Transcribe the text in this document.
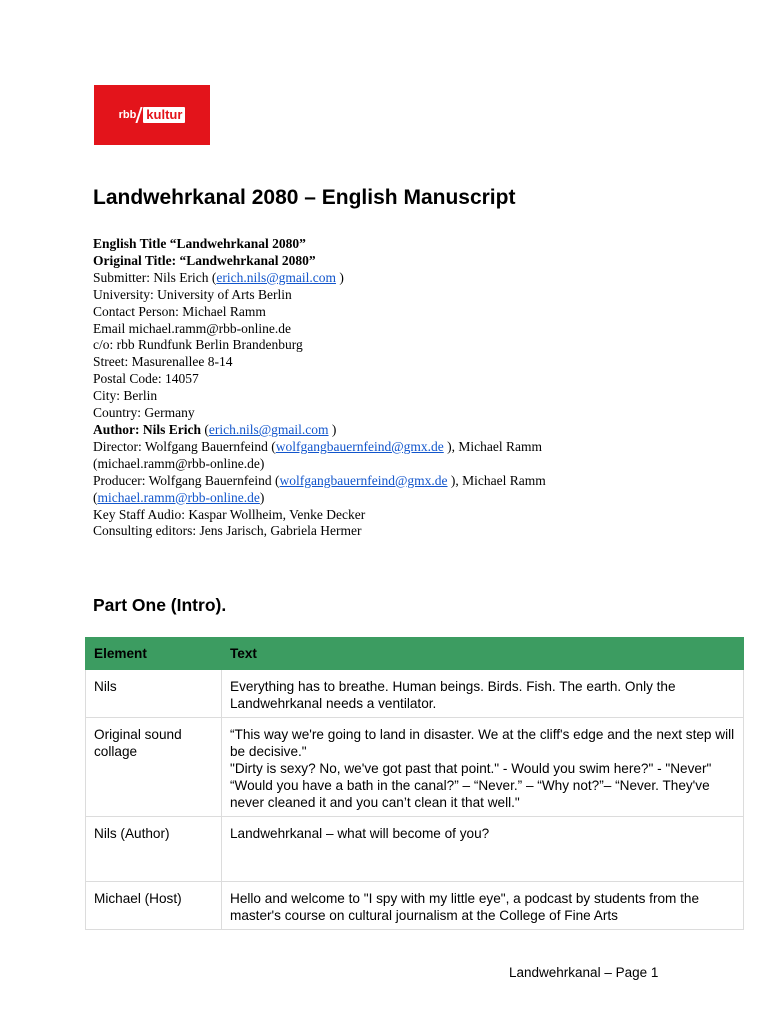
rbb kultur
Landwehrkanal 2080 – English Manuscript
English Title “Landwehrkanal 2080”
Original Title: “Landwehrkanal 2080”
Submitter: Nils Erich (erich.nils@gmail.com )
University: University of Arts Berlin
Contact Person: Michael Ramm
Email michael.ramm@rbb-online.de
c/o: rbb Rundfunk Berlin Brandenburg
Street: Masurenallee 8-14
Postal Code: 14057
City: Berlin
Country: Germany
Author: Nils Erich (erich.nils@gmail.com )
Director: Wolfgang Bauernfeind (wolfgangbauernfeind@gmx.de ), Michael Ramm
(michael.ramm@rbb-online.de)
Producer: Wolfgang Bauernfeind (wolfgangbauernfeind@gmx.de ), Michael Ramm
(michael.ramm@rbb-online.de)
Key Staff Audio: Kaspar Wollheim, Venke Decker
Consulting editors: Jens Jarisch, Gabriela Hermer
Part One (Intro).
Element	Text
Nils	Everything has to breathe. Human beings. Birds. Fish. The earth. Only the Landwehrkanal needs a ventilator.
Original sound collage	“This way we're going to land in disaster. We at the cliff's edge and the next step will be decisive."
"Dirty is sexy? No, we've got past that point." - Would you swim here?" - "Never"
“Would you have a bath in the canal?” – “Never.” – “Why not?”– “Never. They've never cleaned it and you can’t clean it that well."

Nils (Author)	Landwehrkanal – what will become of you?
Michael (Host)	Hello and welcome to "I spy with my little eye", a podcast by students from the master's course on cultural journalism at the College of Fine Arts
Landwehrkanal – Page 1
